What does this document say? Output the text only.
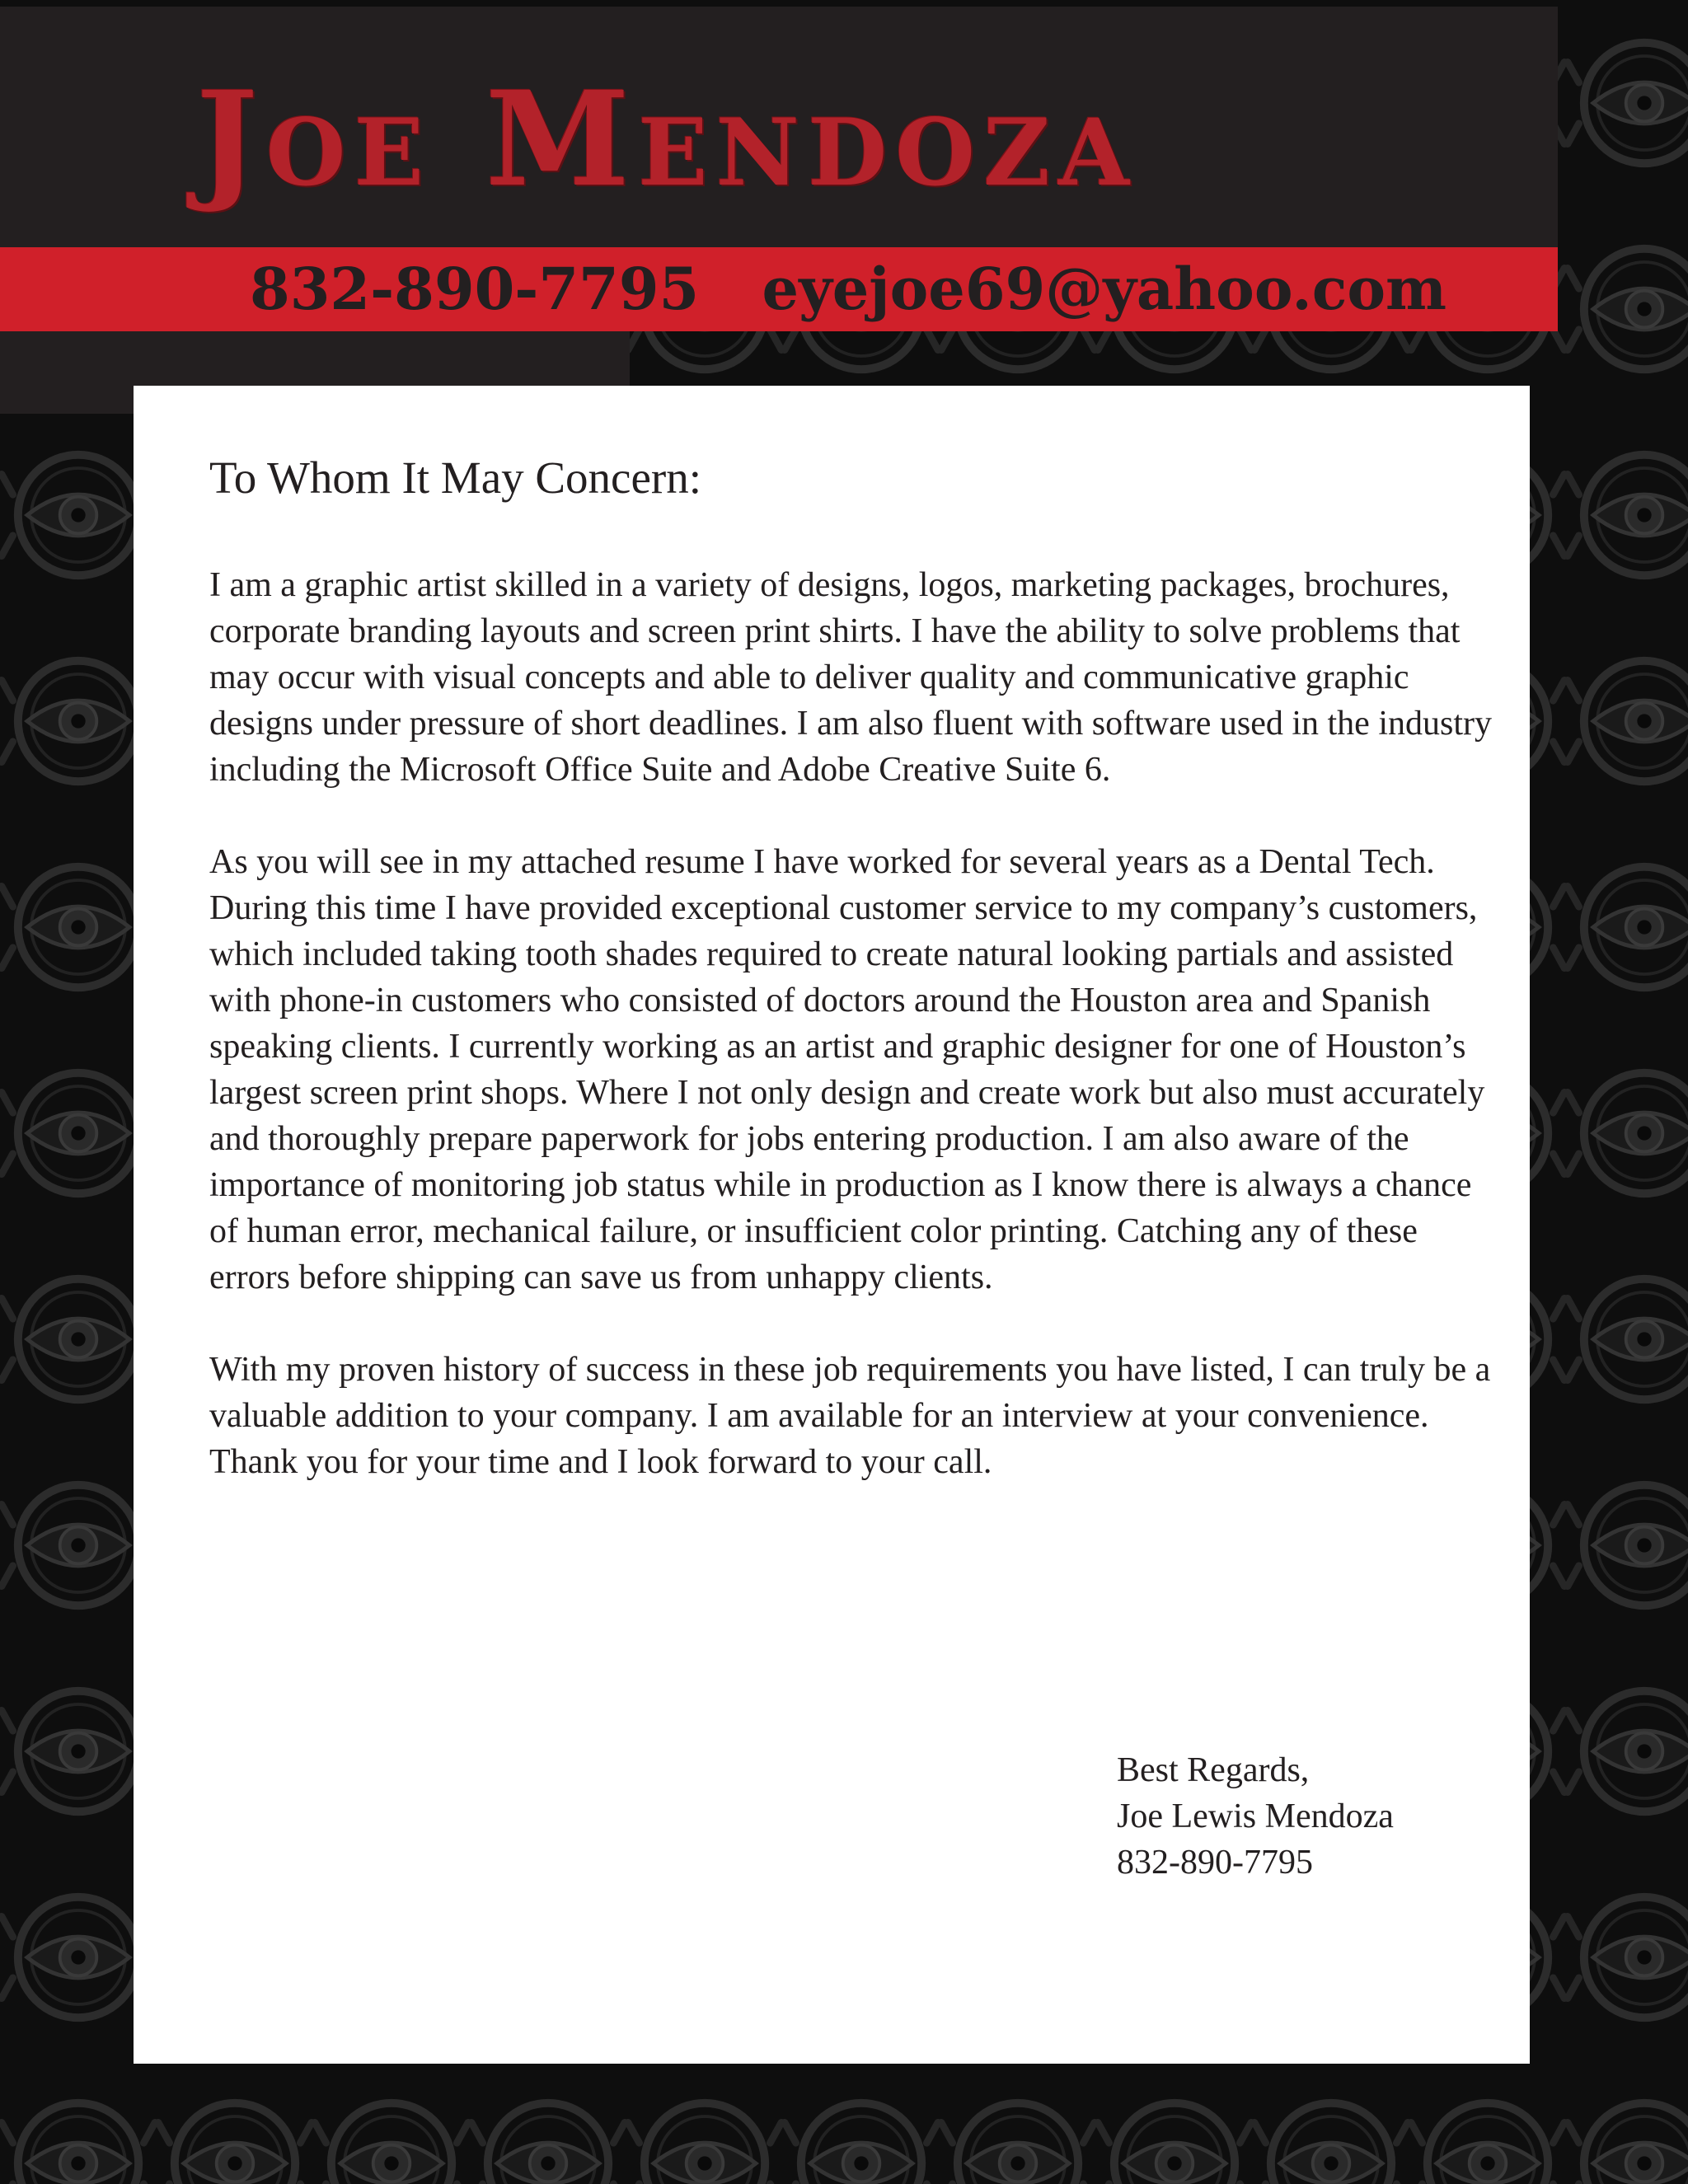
Joe Mendoza
832-890-7795 eyejoe69@yahoo.com

To Whom It May Concern:

I am a graphic artist skilled in a variety of designs, logos, marketing packages, brochures, corporate branding layouts and screen print shirts. I have the ability to solve problems that may occur with visual concepts and able to deliver quality and communicative graphic designs under pressure of short deadlines. I am also fluent with software used in the industry including the Microsoft Office Suite and Adobe Creative Suite 6.

As you will see in my attached resume I have worked for several years as a Dental Tech. During this time I have provided exceptional customer service to my company’s customers, which included taking tooth shades required to create natural looking partials and assisted with phone-in customers who consisted of doctors around the Houston area and Spanish speaking clients. I currently working as an artist and graphic designer for one of Houston’s largest screen print shops. Where I not only design and create work but also must accurately and thoroughly prepare paperwork for jobs entering production. I am also aware of the importance of monitoring job status while in production as I know there is always a chance of human error, mechanical failure, or insufficient color printing. Catching any of these errors before shipping can save us from unhappy clients.

With my proven history of success in these job requirements you have listed, I can truly be a valuable addition to your company. I am available for an interview at your convenience. Thank you for your time and I look forward to your call.

Best Regards,
Joe Lewis Mendoza
832-890-7795
